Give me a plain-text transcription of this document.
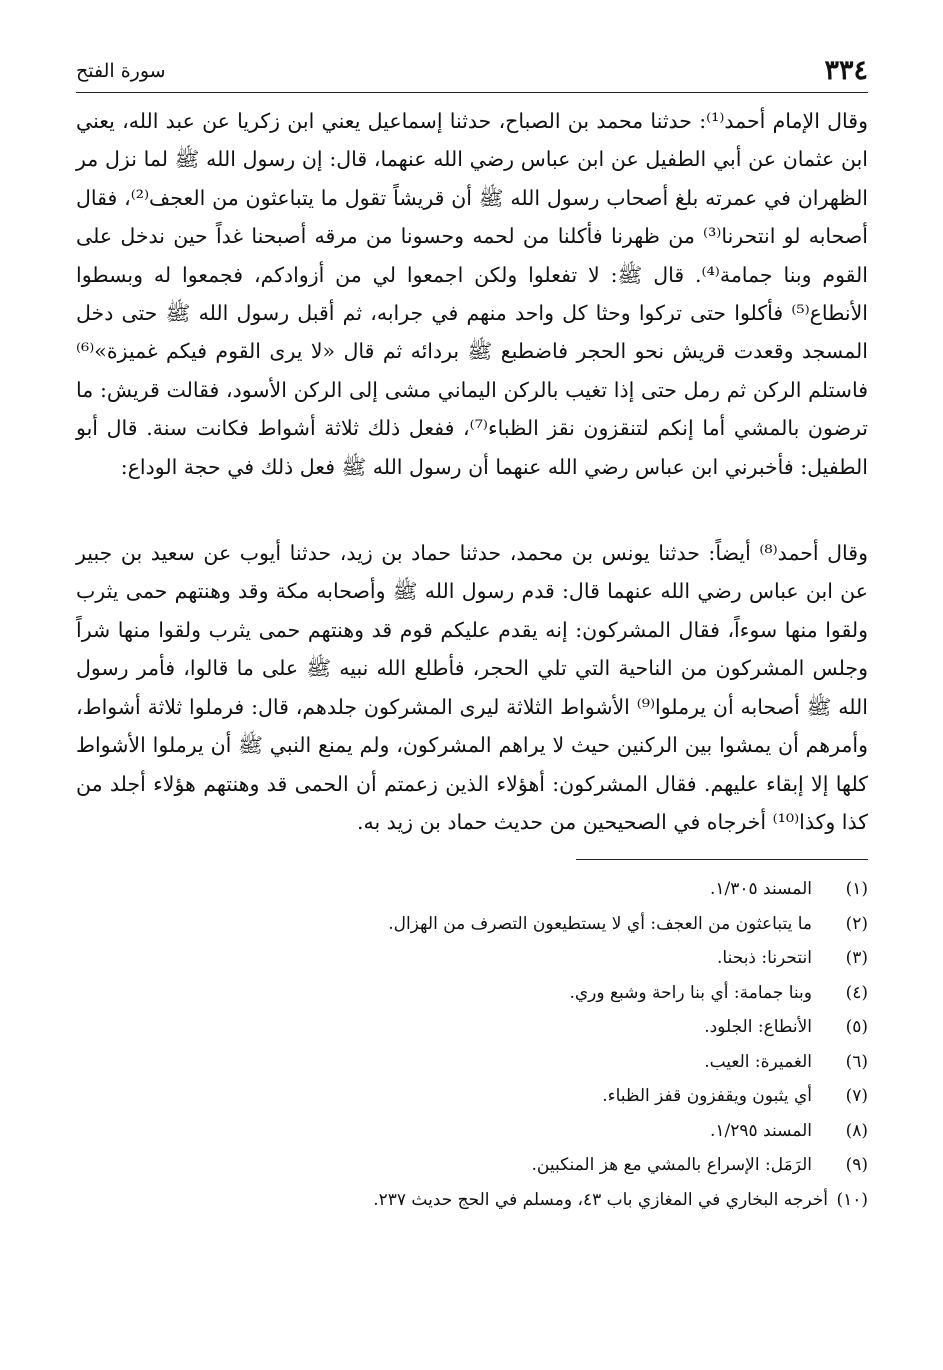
٣٣٤
سورة الفتح

وقال الإمام أحمد⁽¹⁾: حدثنا محمد بن الصباح، حدثنا إسماعيل يعني ابن زكريا عن عبد الله، يعني ابن عثمان عن أبي الطفيل عن ابن عباس رضي الله عنهما، قال: إن رسول الله ﷺ لما نزل مر الظهران في عمرته بلغ أصحاب رسول الله ﷺ أن قريشاً تقول ما يتباعثون من العجف⁽²⁾، فقال أصحابه لو انتحرنا⁽³⁾ من ظهرنا فأكلنا من لحمه وحسونا من مرقه أصبحنا غداً حين ندخل على القوم وبنا جمامة⁽⁴⁾. قال ﷺ: لا تفعلوا ولكن اجمعوا لي من أزوادكم، فجمعوا له وبسطوا الأنطاع⁽⁵⁾ فأكلوا حتى تركوا وحثا كل واحد منهم في جرابه، ثم أقبل رسول الله ﷺ حتى دخل المسجد وقعدت قريش نحو الحجر فاضطبع ﷺ بردائه ثم قال «لا يرى القوم فيكم غميزة»⁽⁶⁾ فاستلم الركن ثم رمل حتى إذا تغيب بالركن اليماني مشى إلى الركن الأسود، فقالت قريش: ما ترضون بالمشي أما إنكم لتنقزون نقز الظباء⁽⁷⁾، ففعل ذلك ثلاثة أشواط فكانت سنة. قال أبو الطفيل: فأخبرني ابن عباس رضي الله عنهما أن رسول الله ﷺ فعل ذلك في حجة الوداع:

وقال أحمد⁽⁸⁾ أيضاً: حدثنا يونس بن محمد، حدثنا حماد بن زيد، حدثنا أيوب عن سعيد بن جبير عن ابن عباس رضي الله عنهما قال: قدم رسول الله ﷺ وأصحابه مكة وقد وهنتهم حمى يثرب ولقوا منها سوءاً، فقال المشركون: إنه يقدم عليكم قوم قد وهنتهم حمى يثرب ولقوا منها شراً وجلس المشركون من الناحية التي تلي الحجر، فأطلع الله نبيه ﷺ على ما قالوا، فأمر رسول الله ﷺ أصحابه أن يرملوا⁽⁹⁾ الأشواط الثلاثة ليرى المشركون جلدهم، قال: فرملوا ثلاثة أشواط، وأمرهم أن يمشوا بين الركنين حيث لا يراهم المشركون، ولم يمنع النبي ﷺ أن يرملوا الأشواط كلها إلا إبقاء عليهم. فقال المشركون: أهؤلاء الذين زعمتم أن الحمى قد وهنتهم هؤلاء أجلد من كذا وكذا⁽¹⁰⁾ أخرجاه في الصحيحين من حديث حماد بن زيد به.

(١)
المسند ١/٣٠٥.
(٢)
ما يتباعثون من العجف: أي لا يستطيعون التصرف من الهزال.
(٣)
انتحرنا: ذبحنا.
(٤)
وبنا جمامة: أي بنا راحة وشبع وري.
(٥)
الأنطاع: الجلود.
(٦)
الغميرة: العيب.
(٧)
أي يثبون ويقفزون قفز الظباء.
(٨)
المسند ١/٢٩٥.
(٩)
الرَمَل: الإسراع بالمشي مع هز المنكبين.
(١٠)
أخرجه البخاري في المغازي باب ٤٣، ومسلم في الحج حديث ٢٣٧.
